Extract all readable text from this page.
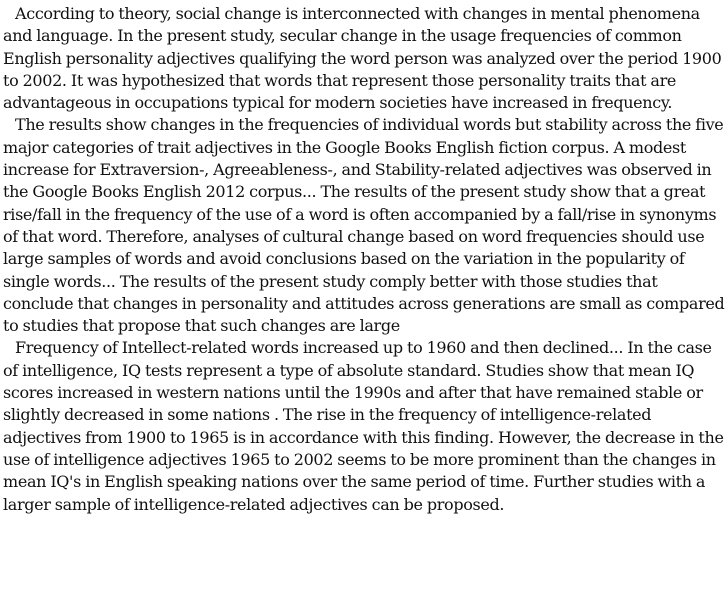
According to theory, social change is interconnected with changes in mental phenomena and language. In the present study, secular change in the usage frequencies of common English personality adjectives qualifying the word person was analyzed over the period 1900 to 2002. It was hypothesized that words that represent those personality traits that are advantageous in occupations typical for modern societies have increased in frequency.

The results show changes in the frequencies of individual words but stability across the five major categories of trait adjectives in the Google Books English fiction corpus. A modest increase for Extraversion-, Agreeableness-, and Stability-related adjectives was observed in the Google Books English 2012 corpus... The results of the present study show that a great rise/fall in the frequency of the use of a word is often accompanied by a fall/rise in synonyms of that word. Therefore, analyses of cultural change based on word frequencies should use large samples of words and avoid conclusions based on the variation in the popularity of single words... The results of the present study comply better with those studies that conclude that changes in personality and attitudes across generations are small as compared to studies that propose that such changes are large

Frequency of Intellect-related words increased up to 1960 and then declined... In the case of intelligence, IQ tests represent a type of absolute standard. Studies show that mean IQ scores increased in western nations until the 1990s and after that have remained stable or slightly decreased in some nations . The rise in the frequency of intelligence-related adjectives from 1900 to 1965 is in accordance with this finding. However, the decrease in the use of intelligence adjectives 1965 to 2002 seems to be more prominent than the changes in mean IQ's in English speaking nations over the same period of time. Further studies with a larger sample of intelligence-related adjectives can be proposed.
